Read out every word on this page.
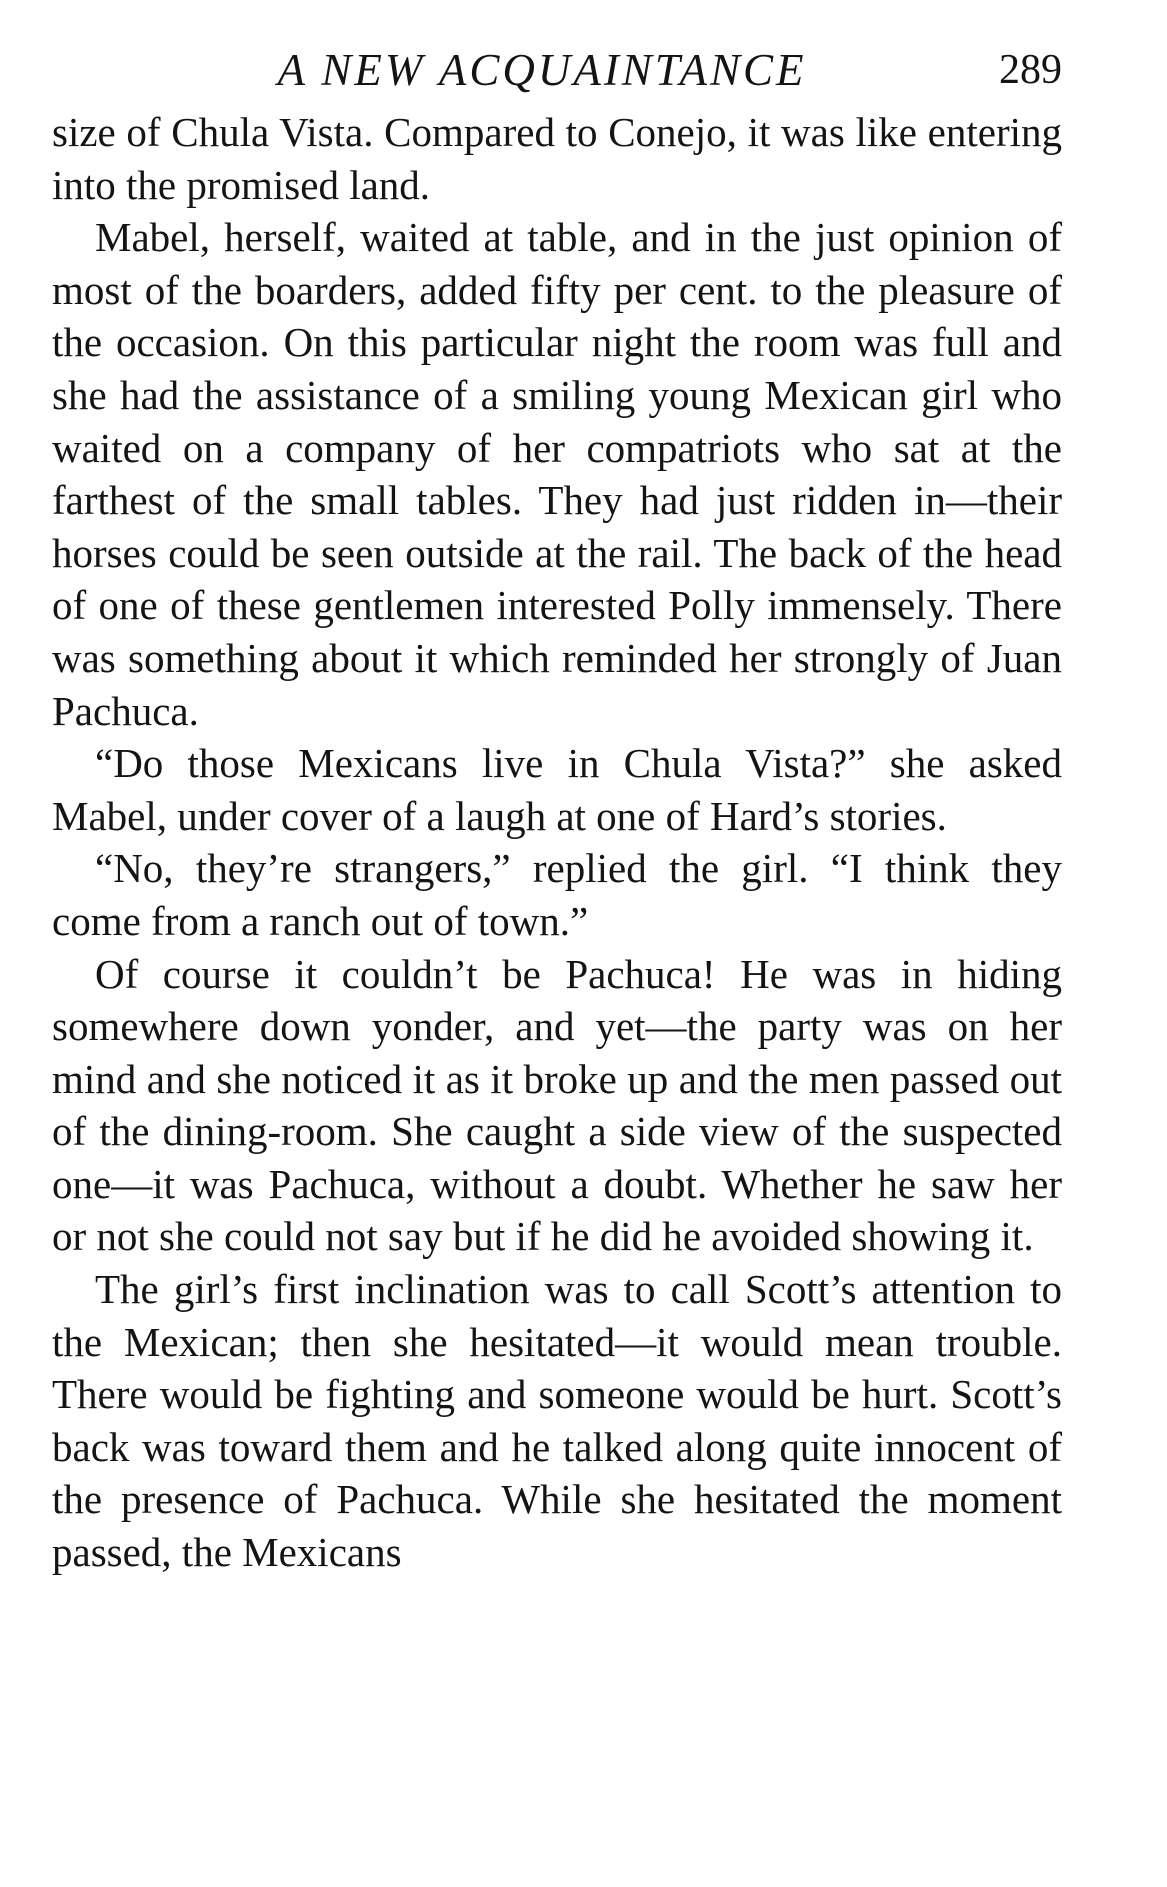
A NEW ACQUAINTANCE	289

size of Chula Vista. Compared to Conejo, it was like entering into the promised land.

Mabel, herself, waited at table, and in the just opinion of most of the boarders, added fifty per cent. to the pleasure of the occasion. On this particular night the room was full and she had the assistance of a smiling young Mexican girl who waited on a company of her compatriots who sat at the farthest of the small tables. They had just ridden in—their horses could be seen outside at the rail. The back of the head of one of these gentlemen interested Polly immensely. There was something about it which reminded her strongly of Juan Pachuca.

“Do those Mexicans live in Chula Vista?” she asked Mabel, under cover of a laugh at one of Hard’s stories.

“No, they’re strangers,” replied the girl. “I think they come from a ranch out of town.”

Of course it couldn’t be Pachuca! He was in hiding somewhere down yonder, and yet—the party was on her mind and she noticed it as it broke up and the men passed out of the dining-room. She caught a side view of the suspected one—it was Pachuca, without a doubt. Whether he saw her or not she could not say but if he did he avoided showing it.

The girl’s first inclination was to call Scott’s attention to the Mexican; then she hesitated—it would mean trouble. There would be fighting and someone would be hurt. Scott’s back was toward them and he talked along quite innocent of the presence of Pachuca. While she hesitated the moment passed, the Mexicans
